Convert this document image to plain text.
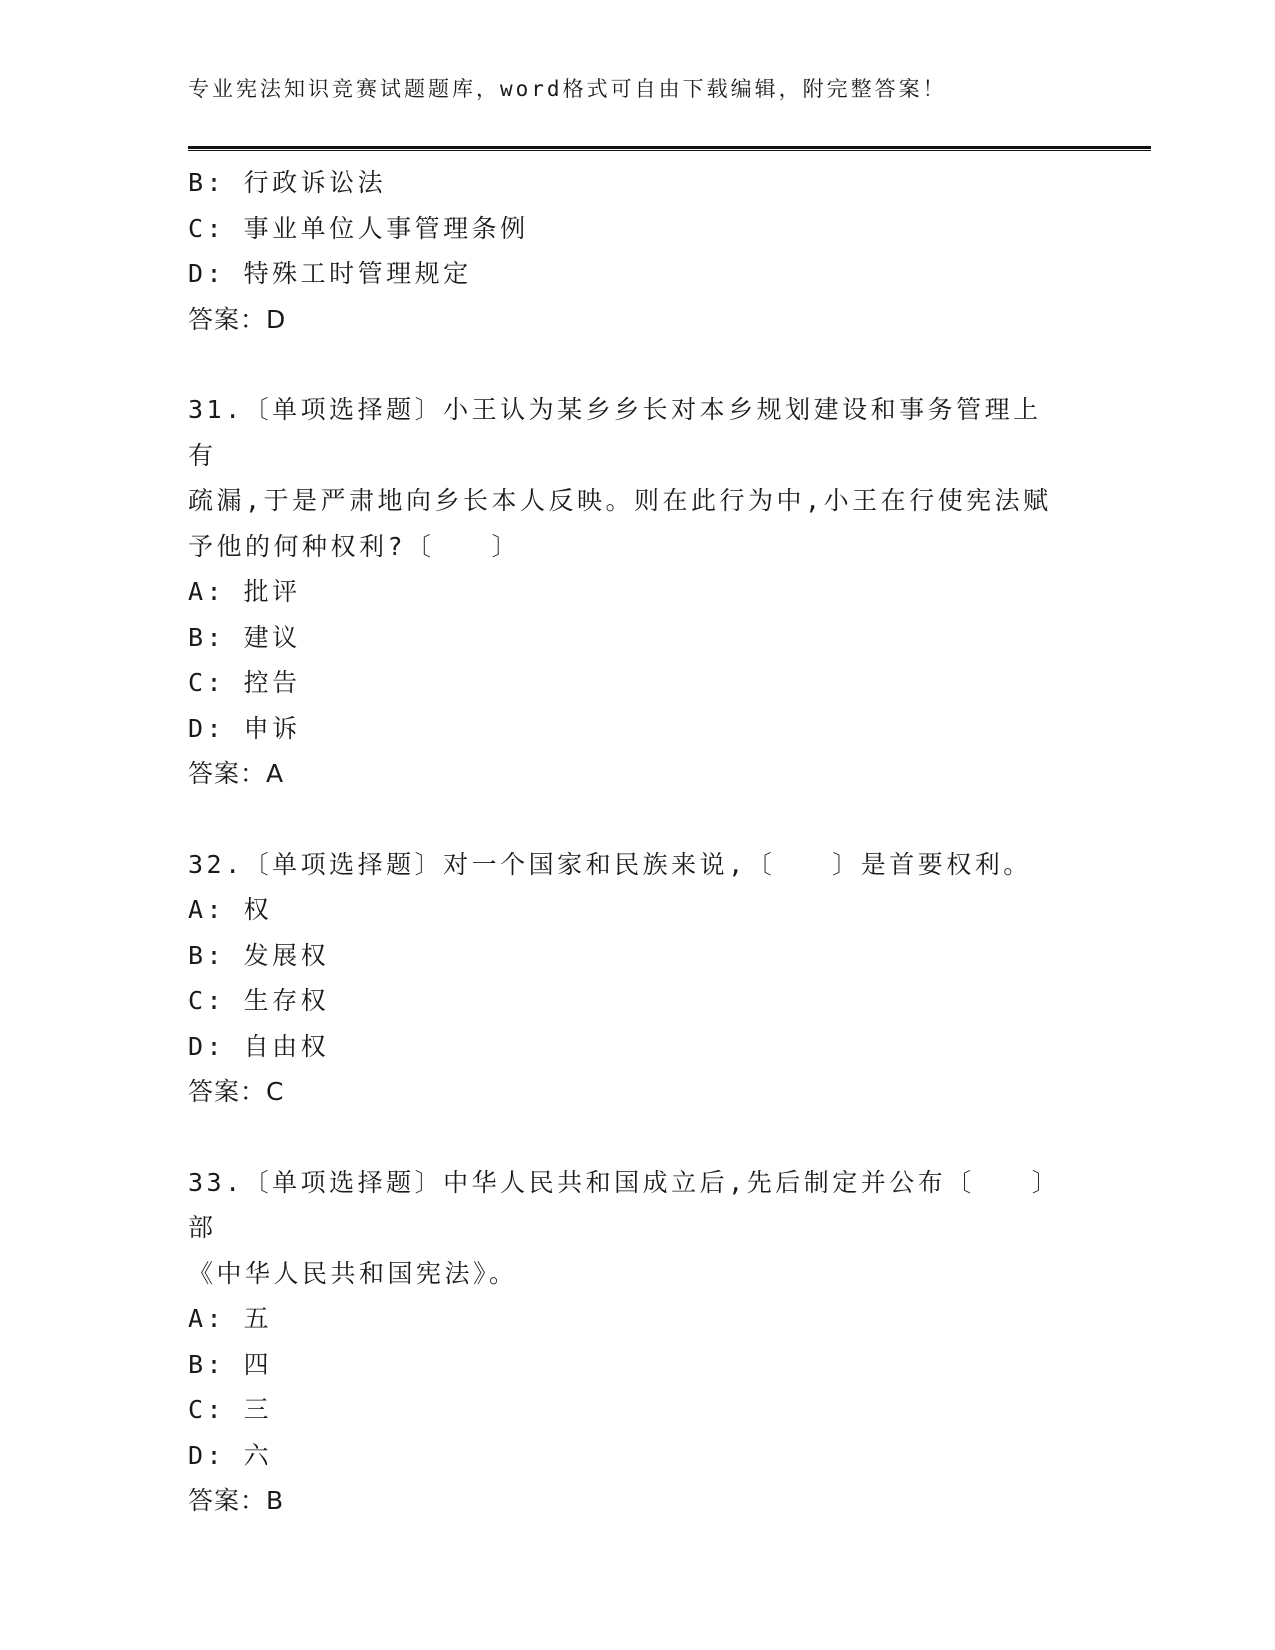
专业宪法知识竞赛试题题库，word格式可自由下载编辑，附完整答案！
B: 行政诉讼法
C: 事业单位人事管理条例
D: 特殊工时管理规定
答案：D
31.〔单项选择题〕小王认为某乡乡长对本乡规划建设和事务管理上有
疏漏,于是严肃地向乡长本人反映。则在此行为中,小王在行使宪法赋
予他的何种权利?〔　　〕
A: 批评
B: 建议
C: 控告
D: 申诉
答案：A
32.〔单项选择题〕对一个国家和民族来说,〔　　〕是首要权利。
A: 权
B: 发展权
C: 生存权
D: 自由权
答案：C
33.〔单项选择题〕中华人民共和国成立后,先后制定并公布〔　　〕部
《中华人民共和国宪法》。
A: 五
B: 四
C: 三
D: 六
答案：B
